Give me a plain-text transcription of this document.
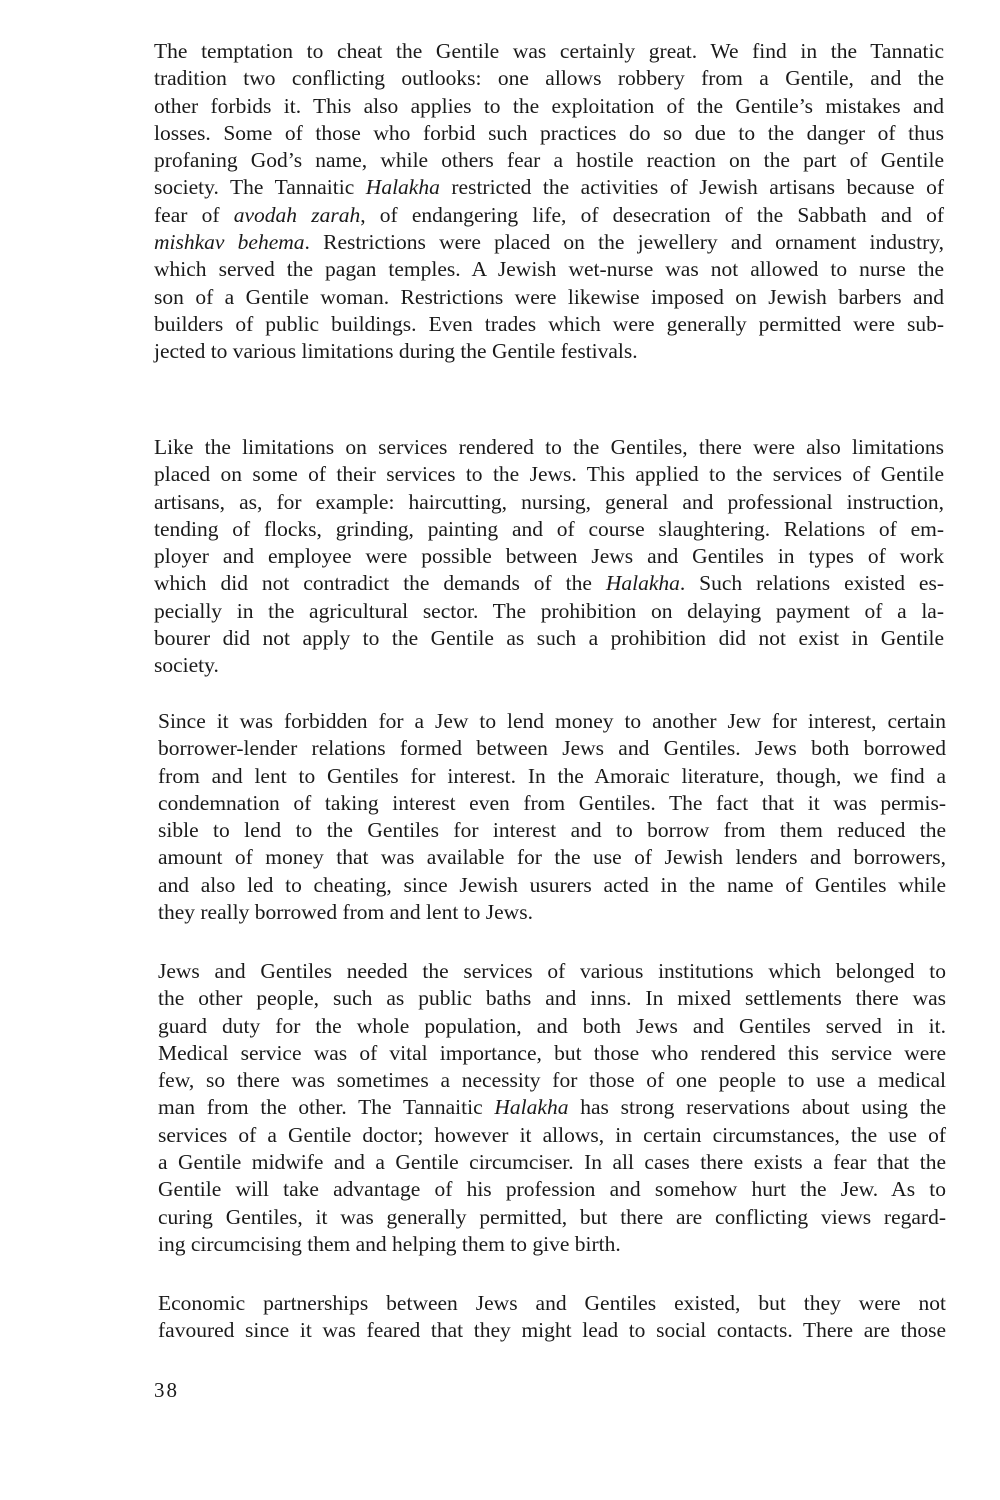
The temptation to cheat the Gentile was certainly great. We find in the Tannatic
tradition two conflicting outlooks: one allows robbery from a Gentile, and the
other forbids it. This also applies to the exploitation of the Gentile’s mistakes and
losses. Some of those who forbid such practices do so due to the danger of thus
profaning God’s name, while others fear a hostile reaction on the part of Gentile
society. The Tannaitic Halakha restricted the activities of Jewish artisans because of
fear of avodah zarah, of endangering life, of desecration of the Sabbath and of
mishkav behema. Restrictions were placed on the jewellery and ornament industry,
which served the pagan temples. A Jewish wet-nurse was not allowed to nurse the
son of a Gentile woman. Restrictions were likewise imposed on Jewish barbers and
builders of public buildings. Even trades which were generally permitted were sub-
jected to various limitations during the Gentile festivals.
Like the limitations on services rendered to the Gentiles, there were also limitations
placed on some of their services to the Jews. This applied to the services of Gentile
artisans, as, for example: haircutting, nursing, general and professional instruction,
tending of flocks, grinding, painting and of course slaughtering. Relations of em-
ployer and employee were possible between Jews and Gentiles in types of work
which did not contradict the demands of the Halakha. Such relations existed es-
pecially in the agricultural sector. The prohibition on delaying payment of a la-
bourer did not apply to the Gentile as such a prohibition did not exist in Gentile
society.
Since it was forbidden for a Jew to lend money to another Jew for interest, certain
borrower-lender relations formed between Jews and Gentiles. Jews both borrowed
from and lent to Gentiles for interest. In the Amoraic literature, though, we find a
condemnation of taking interest even from Gentiles. The fact that it was permis-
sible to lend to the Gentiles for interest and to borrow from them reduced the
amount of money that was available for the use of Jewish lenders and borrowers,
and also led to cheating, since Jewish usurers acted in the name of Gentiles while
they really borrowed from and lent to Jews.
Jews and Gentiles needed the services of various institutions which belonged to
the other people, such as public baths and inns. In mixed settlements there was
guard duty for the whole population, and both Jews and Gentiles served in it.
Medical service was of vital importance, but those who rendered this service were
few, so there was sometimes a necessity for those of one people to use a medical
man from the other. The Tannaitic Halakha has strong reservations about using the
services of a Gentile doctor; however it allows, in certain circumstances, the use of
a Gentile midwife and a Gentile circumciser. In all cases there exists a fear that the
Gentile will take advantage of his profession and somehow hurt the Jew. As to
curing Gentiles, it was generally permitted, but there are conflicting views regard-
ing circumcising them and helping them to give birth.
Economic partnerships between Jews and Gentiles existed, but they were not
favoured since it was feared that they might lead to social contacts. There are those
38
